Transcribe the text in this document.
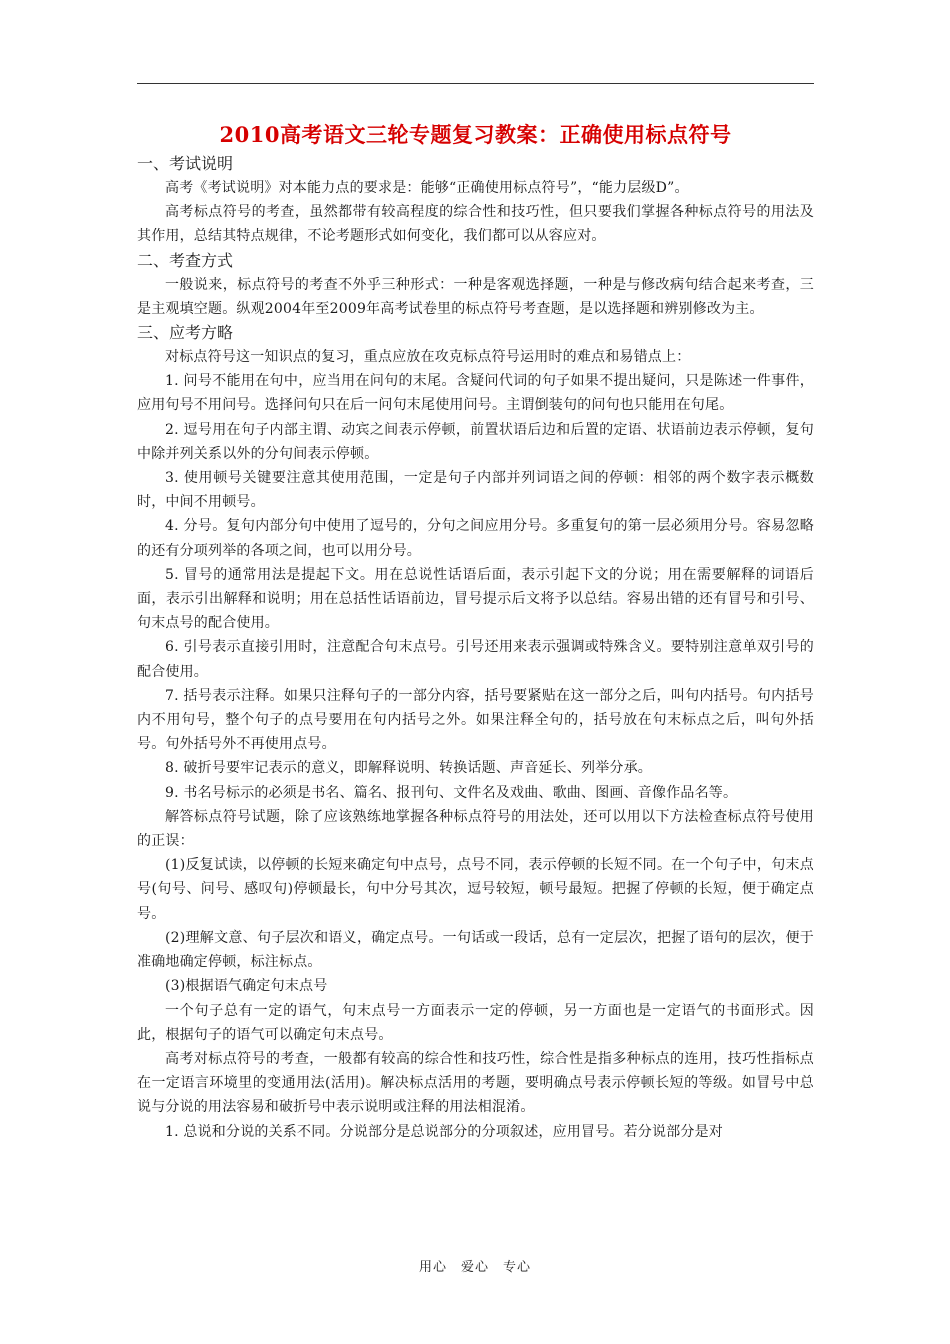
2010高考语文三轮专题复习教案：正确使用标点符号
一、考试说明

高考《考试说明》对本能力点的要求是：能够“正确使用标点符号”，“能力层级D”。

高考标点符号的考查，虽然都带有较高程度的综合性和技巧性，但只要我们掌握各种标点符号的用法及其作用，总结其特点规律，不论考题形式如何变化，我们都可以从容应对。

二、考查方式

一般说来，标点符号的考查不外乎三种形式：一种是客观选择题，一种是与修改病句结合起来考查，三是主观填空题。纵观2004年至2009年高考试卷里的标点符号考查题，是以选择题和辨别修改为主。

三、应考方略

对标点符号这一知识点的复习，重点应放在攻克标点符号运用时的难点和易错点上：

1. 问号不能用在句中，应当用在问句的末尾。含疑问代词的句子如果不提出疑问，只是陈述一件事件，应用句号不用问号。选择问句只在后一问句末尾使用问号。主谓倒装句的问句也只能用在句尾。

2. 逗号用在句子内部主谓、动宾之间表示停顿，前置状语后边和后置的定语、状语前边表示停顿，复句中除并列关系以外的分句间表示停顿。

3. 使用顿号关键要注意其使用范围，一定是句子内部并列词语之间的停顿：相邻的两个数字表示概数时，中间不用顿号。

4. 分号。复句内部分句中使用了逗号的，分句之间应用分号。多重复句的第一层必须用分号。容易忽略的还有分项列举的各项之间，也可以用分号。

5. 冒号的通常用法是提起下文。用在总说性话语后面，表示引起下文的分说；用在需要解释的词语后面，表示引出解释和说明；用在总括性话语前边，冒号提示后文将予以总结。容易出错的还有冒号和引号、句末点号的配合使用。

6. 引号表示直接引用时，注意配合句末点号。引号还用来表示强调或特殊含义。要特别注意单双引号的配合使用。

7. 括号表示注释。如果只注释句子的一部分内容，括号要紧贴在这一部分之后，叫句内括号。句内括号内不用句号，整个句子的点号要用在句内括号之外。如果注释全句的，括号放在句末标点之后，叫句外括号。句外括号外不再使用点号。

8. 破折号要牢记表示的意义，即解释说明、转换话题、声音延长、列举分承。

9. 书名号标示的必须是书名、篇名、报刊句、文件名及戏曲、歌曲、图画、音像作品名等。

解答标点符号试题，除了应该熟练地掌握各种标点符号的用法处，还可以用以下方法检查标点符号使用的正误：

(1)反复试读，以停顿的长短来确定句中点号，点号不同，表示停顿的长短不同。在一个句子中，句末点号(句号、问号、感叹句)停顿最长，句中分号其次，逗号较短，顿号最短。把握了停顿的长短，便于确定点号。

(2)理解文意、句子层次和语义，确定点号。一句话或一段话，总有一定层次，把握了语句的层次，便于准确地确定停顿，标注标点。

(3)根据语气确定句末点号

一个句子总有一定的语气，句末点号一方面表示一定的停顿，另一方面也是一定语气的书面形式。因此，根据句子的语气可以确定句末点号。

高考对标点符号的考查，一般都有较高的综合性和技巧性，综合性是指多种标点的连用，技巧性指标点在一定语言环境里的变通用法(活用)。解决标点活用的考题，要明确点号表示停顿长短的等级。如冒号中总说与分说的用法容易和破折号中表示说明或注释的用法相混淆。

1. 总说和分说的关系不同。分说部分是总说部分的分项叙述，应用冒号。若分说部分是对

用心　爱心　专心
